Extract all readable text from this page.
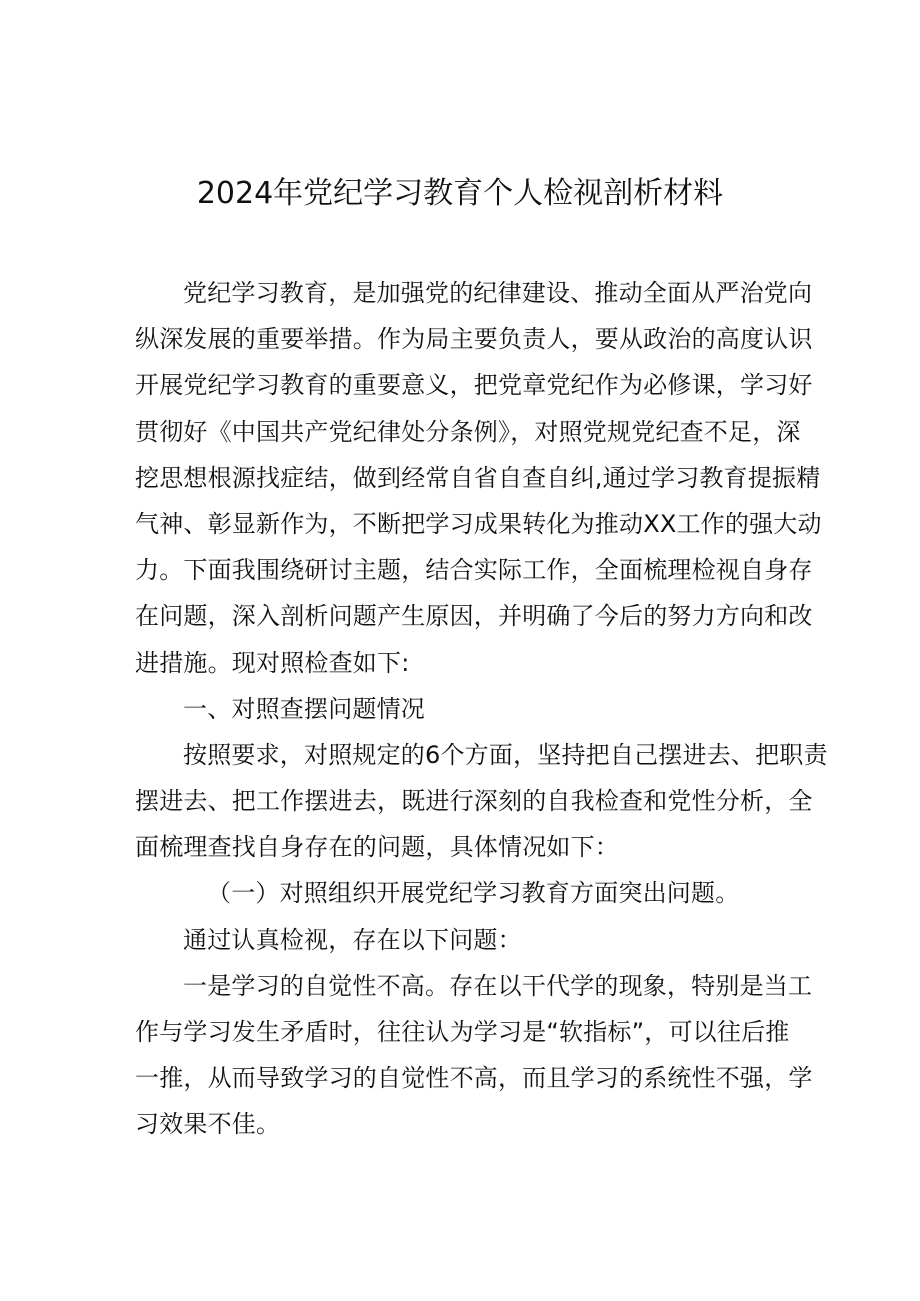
2024年党纪学习教育个人检视剖析材料
党纪学习教育，是加强党的纪律建设、推动全面从严治党向
纵深发展的重要举措。作为局主要负责人，要从政治的高度认识
开展党纪学习教育的重要意义，把党章党纪作为必修课，学习好
贯彻好《中国共产党纪律处分条例》，对照党规党纪查不足，深
挖思想根源找症结，做到经常自省自查自纠,通过学习教育提振精
气神、彰显新作为，不断把学习成果转化为推动XX工作的强大动
力。下面我围绕研讨主题，结合实际工作，全面梳理检视自身存
在问题，深入剖析问题产生原因，并明确了今后的努力方向和改
进措施。现对照检查如下:
一、对照查摆问题情况
按照要求，对照规定的6个方面，坚持把自己摆进去、把职责
摆进去、把工作摆进去，既进行深刻的自我检查和党性分析，全
面梳理查找自身存在的问题，具体情况如下：
（一）对照组织开展党纪学习教育方面突出问题。
通过认真检视，存在以下问题：
一是学习的自觉性不高。存在以干代学的现象，特别是当工
作与学习发生矛盾时，往往认为学习是“软指标”，可以往后推
一推，从而导致学习的自觉性不高，而且学习的系统性不强，学
习效果不佳。
